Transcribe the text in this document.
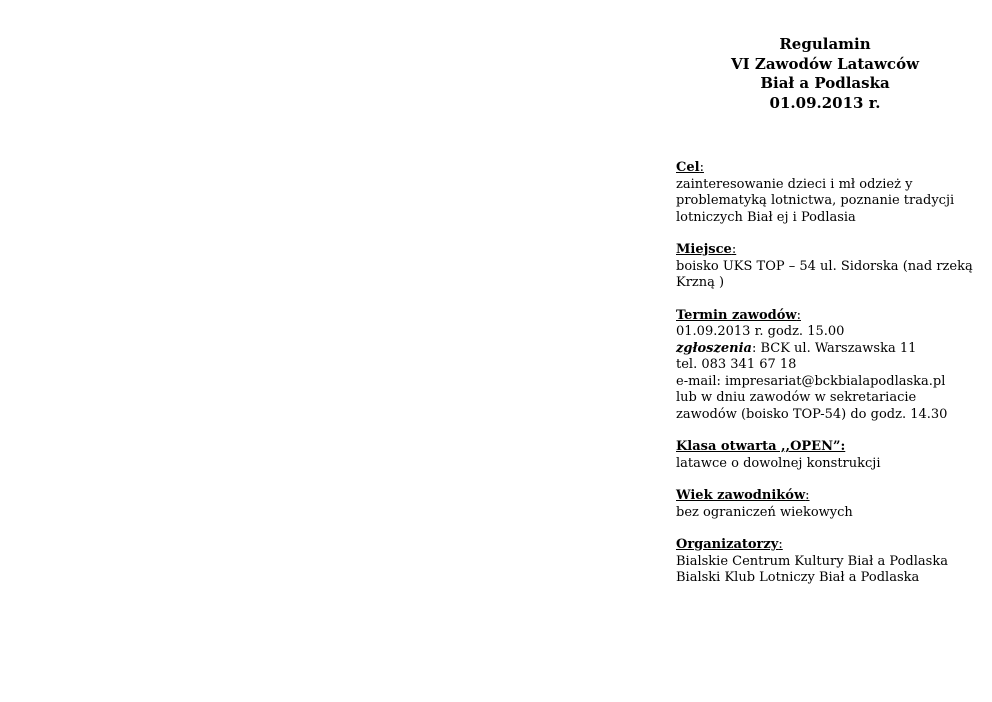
Regulamin
VI Zawodów Latawców
Biał a Podlaska
01.09.2013 r.
Cel:
zainteresowanie dzieci i mł odzież y
problematyką lotnictwa, poznanie tradycji
lotniczych Biał ej i Podlasia
Miejsce:
boisko UKS TOP – 54 ul. Sidorska (nad rzeką
Krzną )
Termin zawodów:
01.09.2013 r. godz. 15.00
zgłoszenia: BCK ul. Warszawska 11
tel. 083 341 67 18
e-mail: impresariat@bckbialapodlaska.pl
lub w dniu zawodów w sekretariacie
zawodów (boisko TOP-54) do godz. 14.30
Klasa otwarta ,,OPEN”:
latawce o dowolnej konstrukcji
Wiek zawodników:
bez ograniczeń wiekowych
Organizatorzy:
Bialskie Centrum Kultury Biał a Podlaska
Bialski Klub Lotniczy Biał a Podlaska
